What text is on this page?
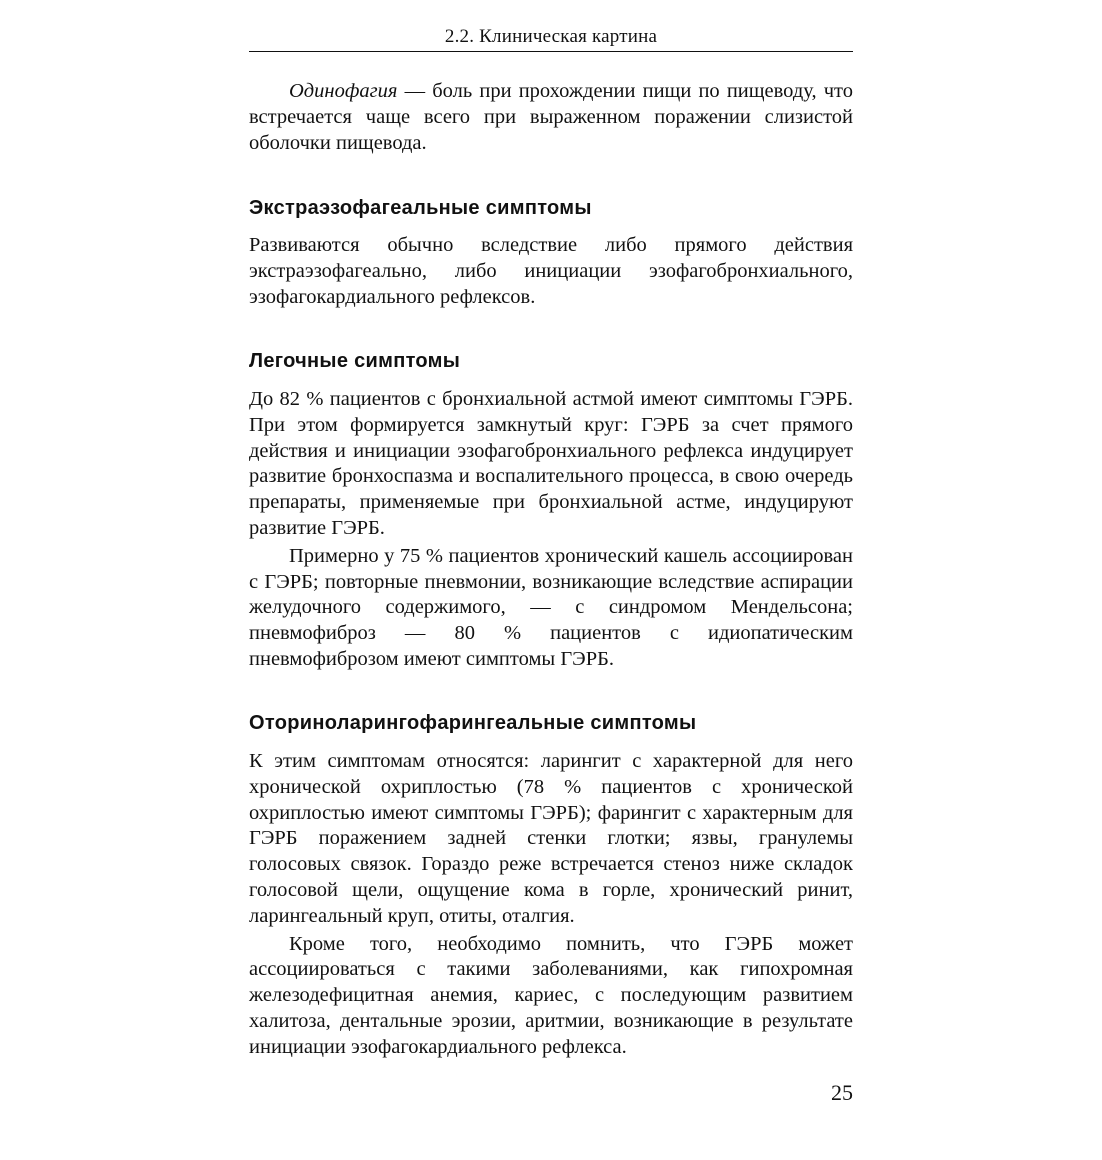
2.2. Клиническая картина

Одинофагия — боль при прохождении пищи по пищеводу, что встречается чаще всего при выраженном поражении слизистой оболочки пищевода.

Экстраэзофагеальные симптомы

Развиваются обычно вследствие либо прямого действия экстраэзофагеально, либо инициации эзофагобронхиального, эзофагокардиального рефлексов.

Легочные симптомы

До 82 % пациентов с бронхиальной астмой имеют симптомы ГЭРБ. При этом формируется замкнутый круг: ГЭРБ за счет прямого действия и инициации эзофагобронхиального рефлекса индуцирует развитие бронхоспазма и воспалительного процесса, в свою очередь препараты, применяемые при бронхиальной астме, индуцируют развитие ГЭРБ.

Примерно у 75 % пациентов хронический кашель ассоциирован с ГЭРБ; повторные пневмонии, возникающие вследствие аспирации желудочного содержимого, — с синдромом Мендельсона; пневмофиброз — 80 % пациентов с идиопатическим пневмофиброзом имеют симптомы ГЭРБ.

Оториноларингофарингеальные симптомы

К этим симптомам относятся: ларингит с характерной для него хронической охриплостью (78 % пациентов с хронической охриплостью имеют симптомы ГЭРБ); фарингит с характерным для ГЭРБ поражением задней стенки глотки; язвы, гранулемы голосовых связок. Гораздо реже встречается стеноз ниже складок голосовой щели, ощущение кома в горле, хронический ринит, ларингеальный круп, отиты, оталгия.

Кроме того, необходимо помнить, что ГЭРБ может ассоциироваться с такими заболеваниями, как гипохромная железодефицитная анемия, кариес, с последующим развитием халитоза, дентальные эрозии, аритмии, возникающие в результате инициации эзофагокардиального рефлекса.

25
